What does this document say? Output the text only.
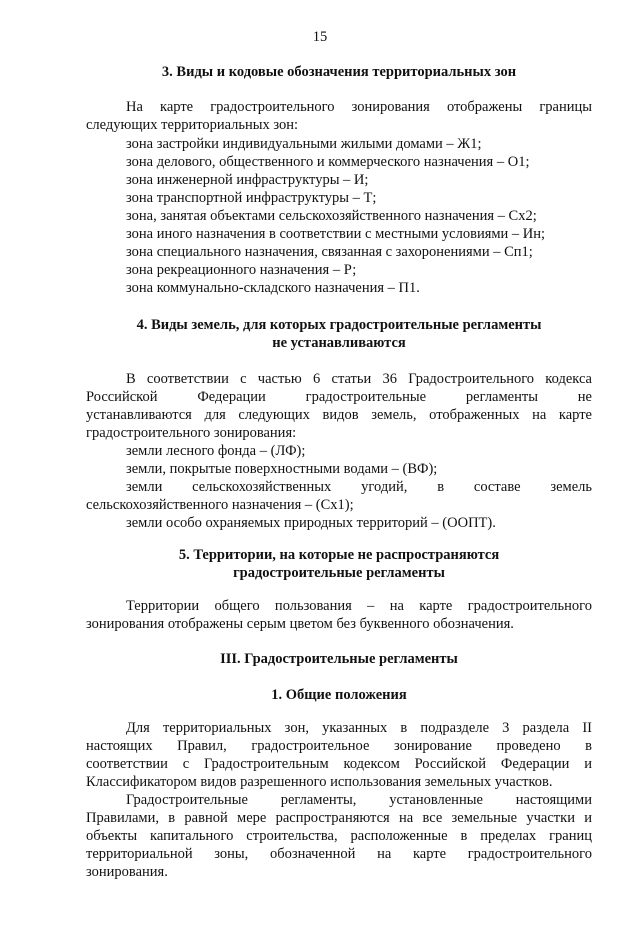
15
3. Виды и кодовые обозначения территориальных зон
На карте градостроительного зонирования отображены границы
следующих территориальных зон:
зона застройки индивидуальными жилыми домами – Ж1;
зона делового, общественного и коммерческого назначения – О1;
зона инженерной инфраструктуры – И;
зона транспортной инфраструктуры – Т;
зона, занятая объектами сельскохозяйственного назначения – Сх2;
зона иного назначения в соответствии с местными условиями – Ин;
зона специального назначения, связанная с захоронениями – Сп1;
зона рекреационного назначения – Р;
зона коммунально-складского назначения – П1.
4. Виды земель, для которых градостроительные регламенты
не устанавливаются
В соответствии с частью 6 статьи 36 Градостроительного кодекса
Российской Федерации градостроительные регламенты не
устанавливаются для следующих видов земель, отображенных на карте
градостроительного зонирования:
земли лесного фонда – (ЛФ);
земли, покрытые поверхностными водами – (ВФ);
земли сельскохозяйственных угодий, в составе земель
сельскохозяйственного назначения – (Сх1);
земли особо охраняемых природных территорий – (ООПТ).
5. Территории, на которые не распространяются
градостроительные регламенты
Территории общего пользования – на карте градостроительного
зонирования отображены серым цветом без буквенного обозначения.
III. Градостроительные регламенты
1. Общие положения
Для территориальных зон, указанных в подразделе 3 раздела II
настоящих Правил, градостроительное зонирование проведено в
соответствии с Градостроительным кодексом Российской Федерации и
Классификатором видов разрешенного использования земельных участков.
Градостроительные регламенты, установленные настоящими
Правилами, в равной мере распространяются на все земельные участки и
объекты капитального строительства, расположенные в пределах границ
территориальной зоны, обозначенной на карте градостроительного
зонирования.
